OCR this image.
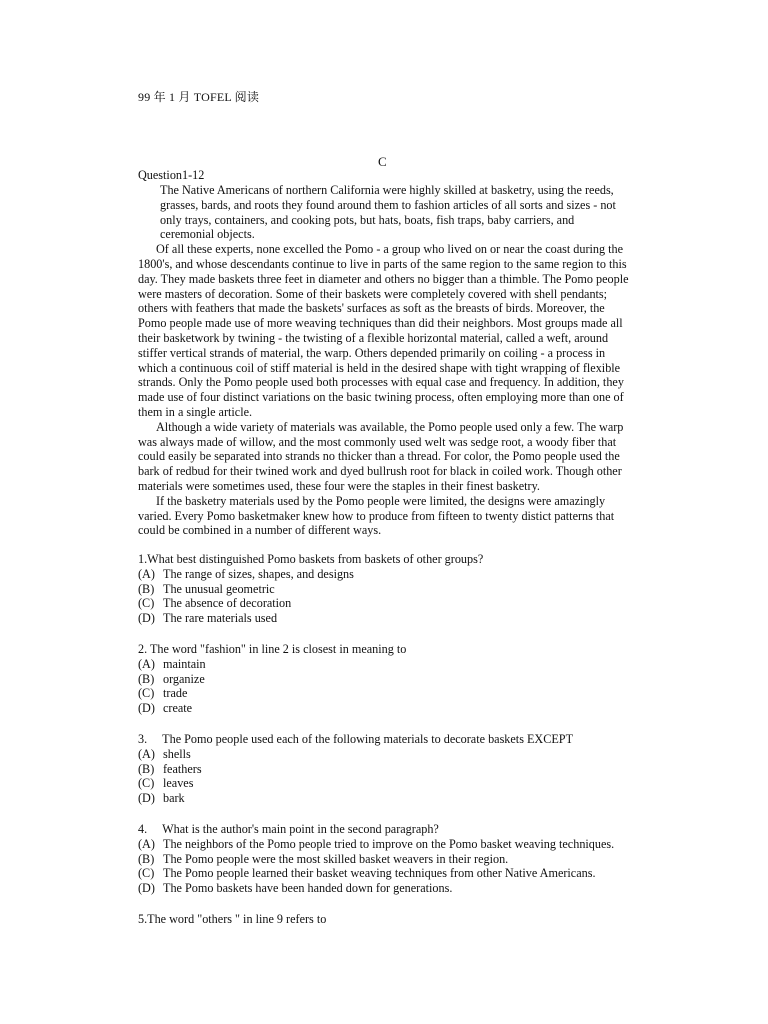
99 年 1 月 TOFEL 阅读
C
Question1-12

The Native Americans of northern California were highly skilled at basketry, using the reeds, grasses, bards, and roots they found around them to fashion articles of all sorts and sizes - not only trays, containers, and cooking pots, but hats, boats, fish traps, baby carriers, and ceremonial objects.

Of all these experts, none excelled the Pomo - a group who lived on or near the coast during the 1800's, and whose descendants continue to live in parts of the same region to the same region to this day. They made baskets three feet in diameter and others no bigger than a thimble. The Pomo people were masters of decoration. Some of their baskets were completely covered with shell pendants; others with feathers that made the baskets' surfaces as soft as the breasts of birds. Moreover, the Pomo people made use of more weaving techniques than did their neighbors. Most groups made all their basketwork by twining - the twisting of a flexible horizontal material, called a weft, around stiffer vertical strands of material, the warp. Others depended primarily on coiling - a process in which a continuous coil of stiff material is held in the desired shape with tight wrapping of flexible strands. Only the Pomo people used both processes with equal case and frequency. In addition, they made use of four distinct variations on the basic twining process, often employing more than one of them in a single article.

Although a wide variety of materials was available, the Pomo people used only a few. The warp was always made of willow, and the most commonly used welt was sedge root, a woody fiber that could easily be separated into strands no thicker than a thread. For color, the Pomo people used the bark of redbud for their twined work and dyed bullrush root for black in coiled work. Though other materials were sometimes used, these four were the staples in their finest basketry.

If the basketry materials used by the Pomo people were limited, the designs were amazingly varied. Every Pomo basketmaker knew how to produce from fifteen to twenty distict patterns that could be combined in a number of different ways.

1.What best distinguished Pomo baskets from baskets of other groups?

(A) The range of sizes, shapes, and designs

(B) The unusual geometric

(C) The absence of decoration

(D) The rare materials used

2. The word "fashion" in line 2 is closest in meaning to

(A) maintain

(B) organize

(C) trade

(D) create

3.     The Pomo people used each of the following materials to decorate baskets EXCEPT

(A) shells

(B) feathers

(C) leaves

(D) bark

4.     What is the author's main point in the second paragraph?

(A) The neighbors of the Pomo people tried to improve on the Pomo basket weaving techniques.

(B) The Pomo people were the most skilled basket weavers in their region.

(C) The Pomo people learned their basket weaving techniques from other Native Americans.

(D) The Pomo baskets have been handed down for generations.

5.The word "others " in line 9 refers to
